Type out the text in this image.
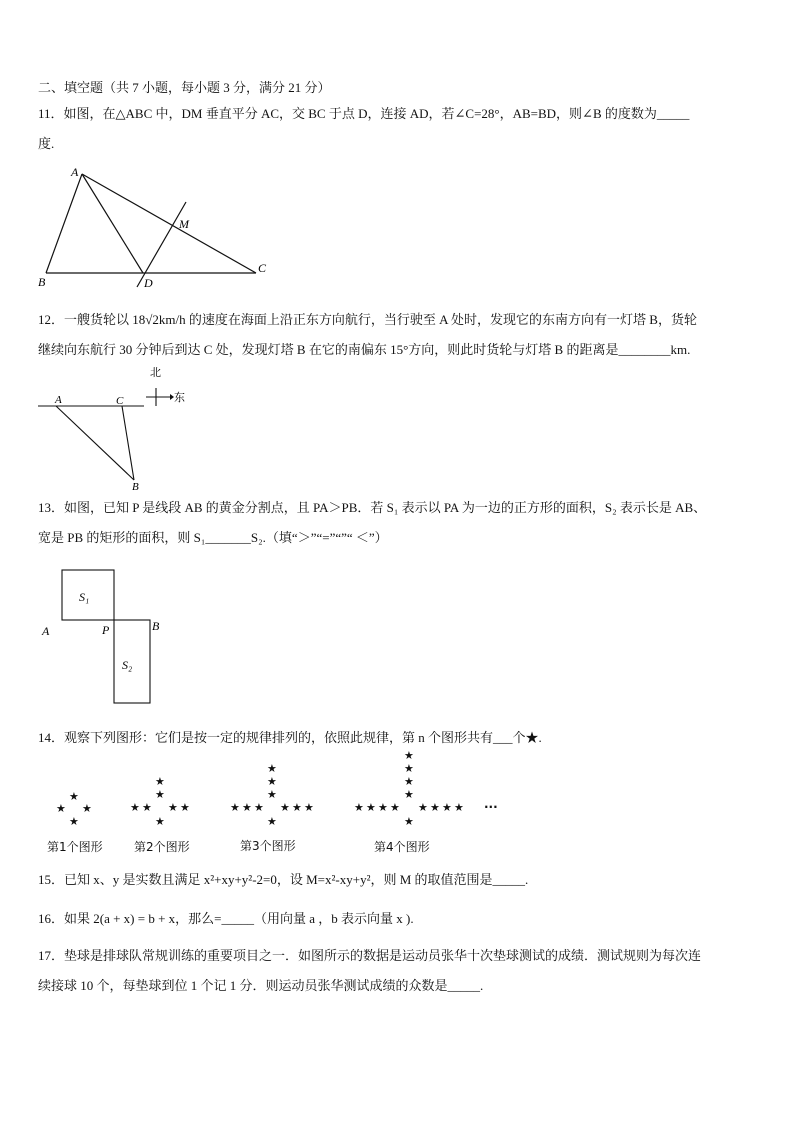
二、填空题（共 7 小题，每小题 3 分，满分 21 分）
11．如图，在△ABC 中，DM 垂直平分 AC，交 BC 于点 D，连接 AD，若∠C=28°，AB=BD，则∠B 的度数为_____
度.
A
B
C
D
M
12．一艘货轮以 18√2km/h 的速度在海面上沿正东方向航行，当行驶至 A 处时，发现它的东南方向有一灯塔 B，货轮
继续向东航行 30 分钟后到达 C 处，发现灯塔 B 在它的南偏东 15°方向，则此时货轮与灯塔 B 的距离是________km.
A	C
B
北
东
13．如图，已知 P 是线段 AB 的黄金分割点，且 PA＞PB．若 S₁ 表示以 PA 为一边的正方形的面积，S₂ 表示长是 AB、
宽是 PB 的矩形的面积，则 S₁_______S₂.（填“＞”“=”“”“ ＜”）
S₁
S₂
A	P	B
14．观察下列图形：它们是按一定的规律排列的，依照此规律，第 n 个图形共有___个★.
★
★ ★
★
★
★
★ ★ ★ ★
★
★
★
★
★ ★ ★ ★ ★ ★
★
★
★
★
★
★ ★ ★ ★ ★ ★ ★ ★
★
···
第1个图形	第2个图形	第3个图形	第4个图形
15．已知 x、y 是实数且满足 x²+xy+y²-2=0，设 M=x²-xy+y²，则 M 的取值范围是_____.
16．如果 2(a + x) = b + x，那么=_____（用向量 a ，b 表示向量 x ).
17．垫球是排球队常规训练的重要项目之一．如图所示的数据是运动员张华十次垫球测试的成绩．测试规则为每次连
续接球 10 个，每垫球到位 1 个记 1 分．则运动员张华测试成绩的众数是_____.
